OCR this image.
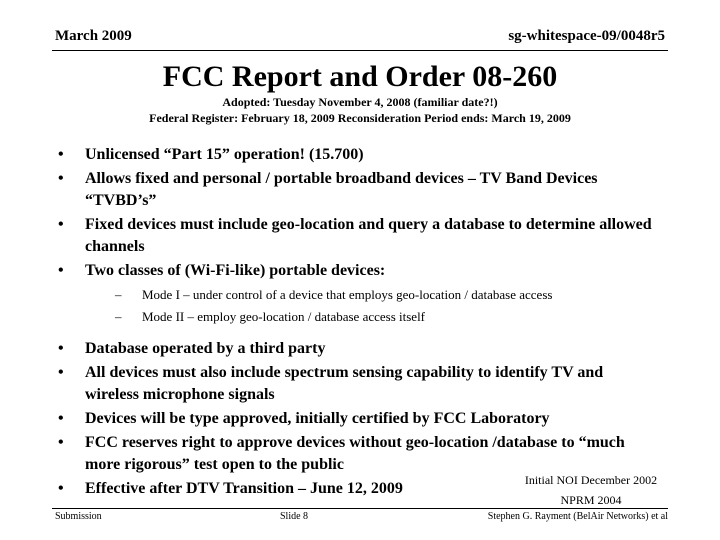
March 2009	sg-whitespace-09/0048r5
FCC Report and Order 08-260
Adopted: Tuesday November 4, 2008 (familiar date?!)
Federal Register: February 18, 2009 Reconsideration Period ends: March 19, 2009
• Unlicensed “Part 15” operation! (15.700)
• Allows fixed and personal / portable broadband devices – TV Band Devices “TVBD’s”
• Fixed devices must include geo-location and query a database to determine allowed channels
• Two classes of (Wi-Fi-like) portable devices:
– Mode I – under control of a device that employs geo-location / database access
– Mode II – employ geo-location / database access itself
• Database operated by a third party
• All devices must also include spectrum sensing capability to identify TV and wireless microphone signals
• Devices will be type approved, initially certified by FCC Laboratory
• FCC reserves right to approve devices without geo-location /database to “much more rigorous” test open to the public
• Effective after DTV Transition – June 12, 2009	Initial NOI December 2002
NPRM 2004
Submission	Slide 8	Stephen G. Rayment (BelAir Networks) et al
